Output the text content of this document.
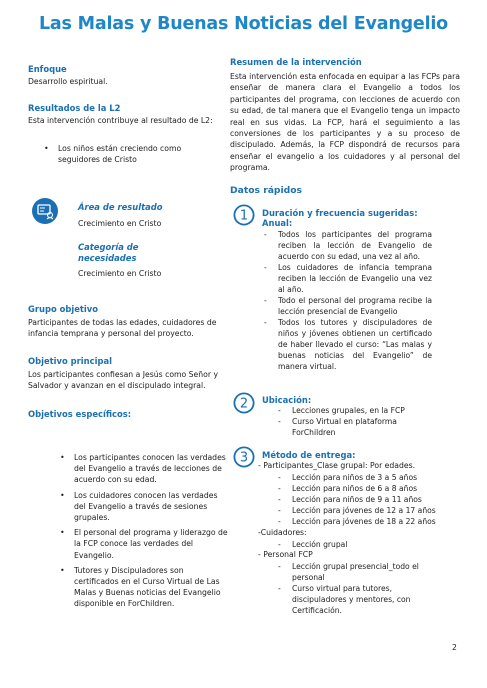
Las Malas y Buenas Noticias del Evangelio
Enfoque
Desarrollo espiritual.
Resultados de la L2
Esta intervención contribuye al resultado de L2:
• Los niños están creciendo como seguidores de Cristo
Área de resultado
Crecimiento en Cristo
Categoría de necesidades
Crecimiento en Cristo
Grupo objetivo
Participantes de todas las edades, cuidadores de infancia temprana y personal del proyecto.
Objetivo principal
Los participantes confiesan a Jesús como Señor y Salvador y avanzan en el discipulado integral.
Objetivos específicos:
• Los participantes conocen las verdades del Evangelio a través de lecciones de acuerdo con su edad.
• Los cuidadores conocen las verdades del Evangelio a través de sesiones grupales.
• El personal del programa y liderazgo de la FCP conoce las verdades del Evangelio.
• Tutores y Discipuladores son certificados en el Curso Virtual de Las Malas y Buenas noticias del Evangelio disponible en ForChildren.
Resumen de la intervención
Esta intervención esta enfocada en equipar a las FCPs para enseñar de manera clara el Evangelio a todos los participantes del programa, con lecciones de acuerdo con su edad, de tal manera que el Evangelio tenga un impacto real en sus vidas. La FCP, hará el seguimiento a las conversiones de los participantes y a su proceso de discipulado. Además, la FCP dispondrá de recursos para enseñar el evangelio a los cuidadores y al personal del programa.
Datos rápidos
1 Duración y frecuencia sugeridas:
Anual:
- Todos los participantes del programa reciben la lección de Evangelio de acuerdo con su edad, una vez al año.
- Los cuidadores de infancia temprana reciben la lección de Evangelio una vez al año.
- Todo el personal del programa recibe la lección presencial de Evangelio
- Todos los tutores y discipuladores de niños y jóvenes obtienen un certificado de haber llevado el curso: “Las malas y buenas noticias del Evangelio” de manera virtual.
2 Ubicación:
- Lecciones grupales, en la FCP
- Curso Virtual en plataforma ForChildren
3 Método de entrega:
- Participantes_Clase grupal: Por edades.
- Lección para niños de 3 a 5 años
- Lección para niños de 6 a 8 años
- Lección para niños de 9 a 11 años
- Lección para jóvenes de 12 a 17 años
- Lección para jóvenes de 18 a 22 años
-Cuidadores:
- Lección grupal
- Personal FCP
- Lección grupal presencial_todo el personal
- Curso virtual para tutores, discipuladores y mentores, con Certificación.
2
